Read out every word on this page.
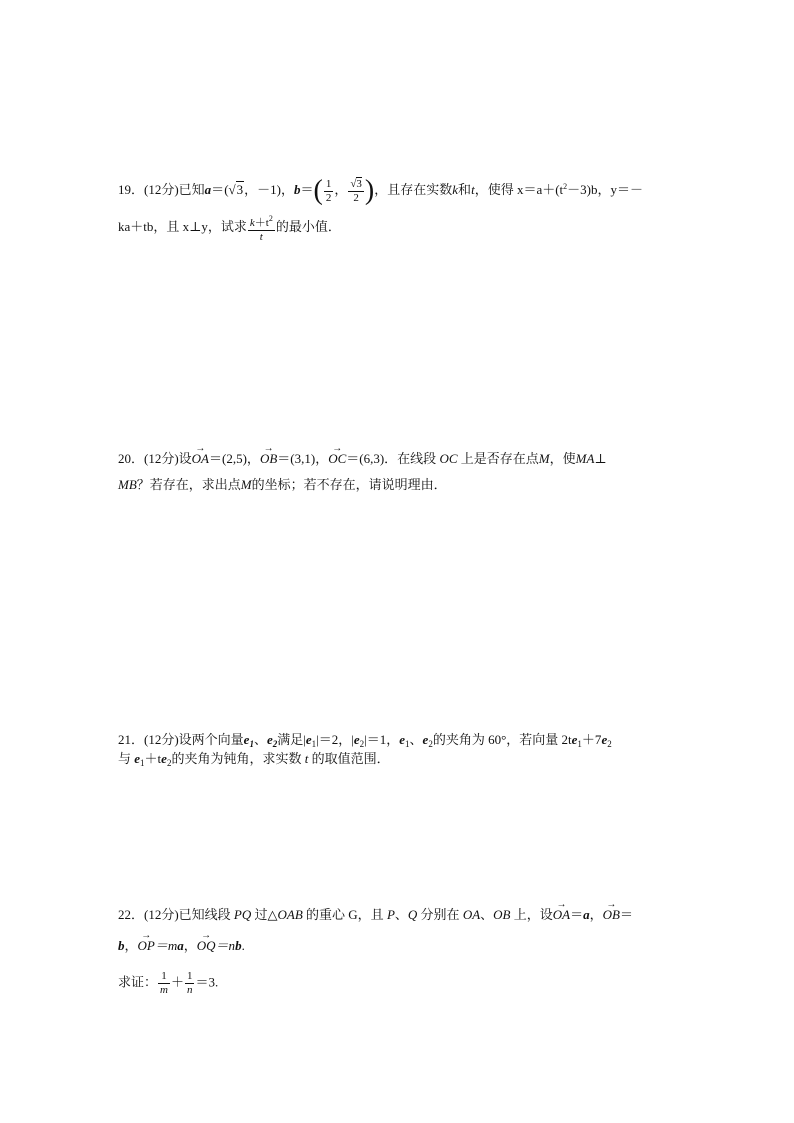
19．(12分)已知a＝(√3，－1)，$b=( \frac{1}{2}$ ， $\frac{√3}{2}$ )，且存在实数k和t，使得 $x=a+(t^2-3)b$，y＝－
ka＋tb，且 x⊥y，试求 $\frac{k+t^2}{t}$ 的最小值．
20．(12分)设→ OA＝(2,5)，→ OB＝(3,1)，→ OC＝(6,3)．在线段 OC 上是否存在点M，使MA⊥
MB？若存在，求出点M的坐标；若不存在，请说明理由．
21．(12分)设两个向量$e_1$、$e_2$满足$|e_1|=2$，$|e_2|=1$，$e_1$、$e_2$的夹角为 60°，若向量 $2te_1+7e_2$
与 $e_1+te_2$的夹角为钝角，求实数 t 的取值范围．
22．(12分)已知线段 PQ 过△OAB 的重心 G，且 P、Q 分别在 OA、OB 上，设→ OA＝a，→ OB＝
b，→ OP＝ma，→ OQ＝nb.
求证： $\frac{1}{m} + \frac{1}{n} =3$.
